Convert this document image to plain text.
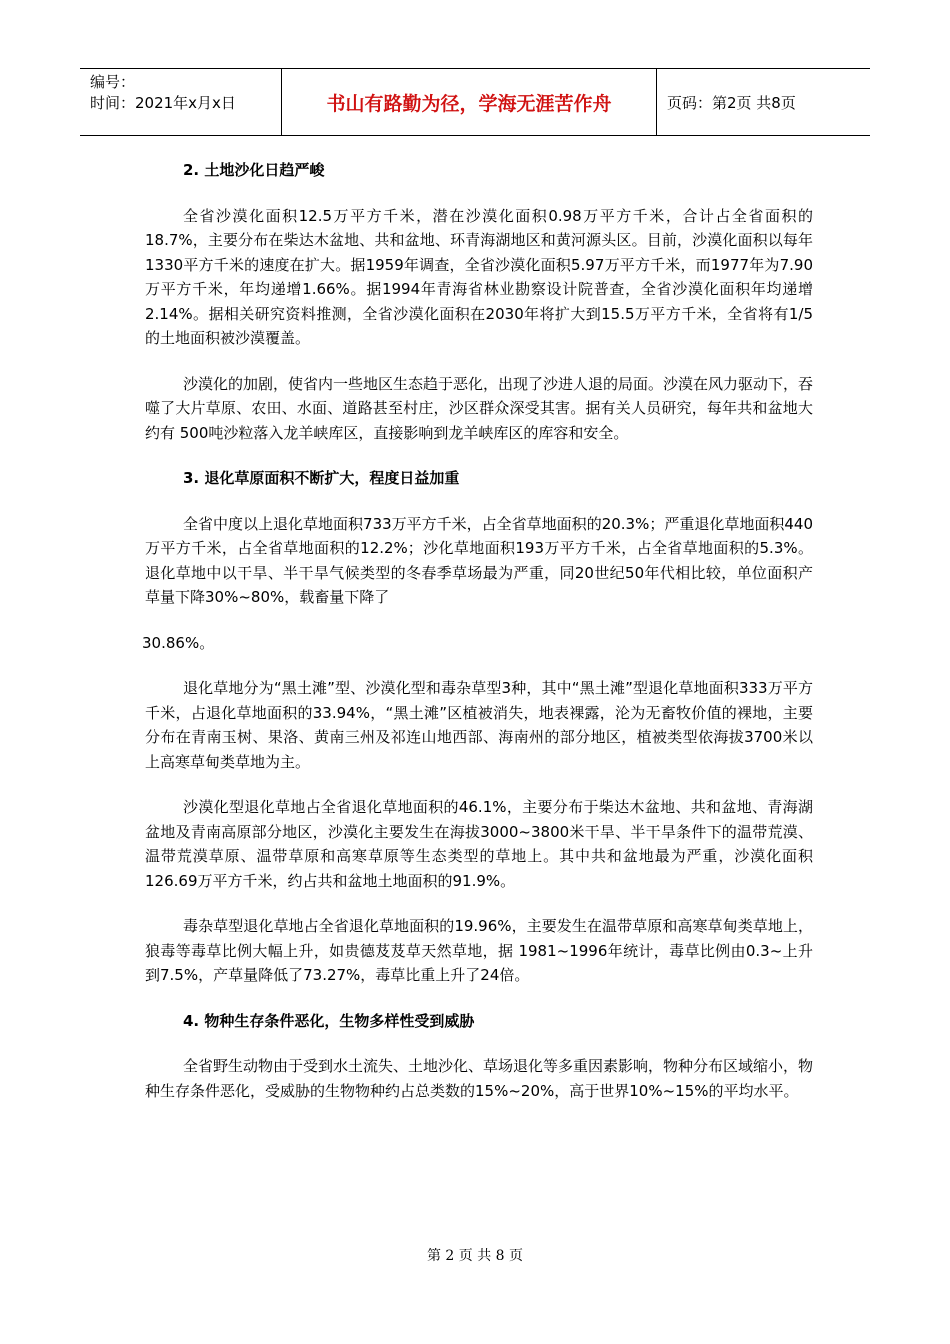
编号：
时间：2021年x月x日	书山有路勤为径，学海无涯苦作舟	页码：第2页 共8页

2. 土地沙化日趋严峻

全省沙漠化面积12.5万平方千米，潜在沙漠化面积0.98万平方千米，合计占全省面积的18.7%，主要分布在柴达木盆地、共和盆地、环青海湖地区和黄河源头区。目前，沙漠化面积以每年1330平方千米的速度在扩大。据1959年调查，全省沙漠化面积5.97万平方千米，而1977年为7.90万平方千米，年均递增1.66%。据1994年青海省林业勘察设计院普查，全省沙漠化面积年均递增2.14%。据相关研究资料推测，全省沙漠化面积在2030年将扩大到15.5万平方千米，全省将有1/5的土地面积被沙漠覆盖。

沙漠化的加剧，使省内一些地区生态趋于恶化，出现了沙进人退的局面。沙漠在风力驱动下，吞噬了大片草原、农田、水面、道路甚至村庄，沙区群众深受其害。据有关人员研究，每年共和盆地大约有 500吨沙粒落入龙羊峡库区，直接影响到龙羊峡库区的库容和安全。

3. 退化草原面积不断扩大，程度日益加重

全省中度以上退化草地面积733万平方千米，占全省草地面积的20.3%；严重退化草地面积440万平方千米，占全省草地面积的12.2%；沙化草地面积193万平方千米，占全省草地面积的5.3%。退化草地中以干旱、半干旱气候类型的冬春季草场最为严重，同20世纪50年代相比较，单位面积产草量下降30%~80%，载畜量下降了

30.86%。

退化草地分为“黑土滩”型、沙漠化型和毒杂草型3种，其中“黑土滩”型退化草地面积333万平方千米，占退化草地面积的33.94%，“黑土滩”区植被消失，地表裸露，沦为无畜牧价值的裸地，主要分布在青南玉树、果洛、黄南三州及祁连山地西部、海南州的部分地区，植被类型依海拔3700米以上高寒草甸类草地为主。

沙漠化型退化草地占全省退化草地面积的46.1%，主要分布于柴达木盆地、共和盆地、青海湖盆地及青南高原部分地区，沙漠化主要发生在海拔3000~3800米干旱、半干旱条件下的温带荒漠、温带荒漠草原、温带草原和高寒草原等生态类型的草地上。其中共和盆地最为严重，沙漠化面积126.69万平方千米，约占共和盆地土地面积的91.9%。

毒杂草型退化草地占全省退化草地面积的19.96%，主要发生在温带草原和高寒草甸类草地上，狼毒等毒草比例大幅上升，如贵德芨芨草天然草地，据 1981~1996年统计，毒草比例由0.3~上升到7.5%，产草量降低了73.27%，毒草比重上升了24倍。

4. 物种生存条件恶化，生物多样性受到威胁

全省野生动物由于受到水土流失、土地沙化、草场退化等多重因素影响，物种分布区域缩小，物种生存条件恶化，受威胁的生物物种约占总类数的15%~20%，高于世界10%~15%的平均水平。

第 2 页 共 8 页
